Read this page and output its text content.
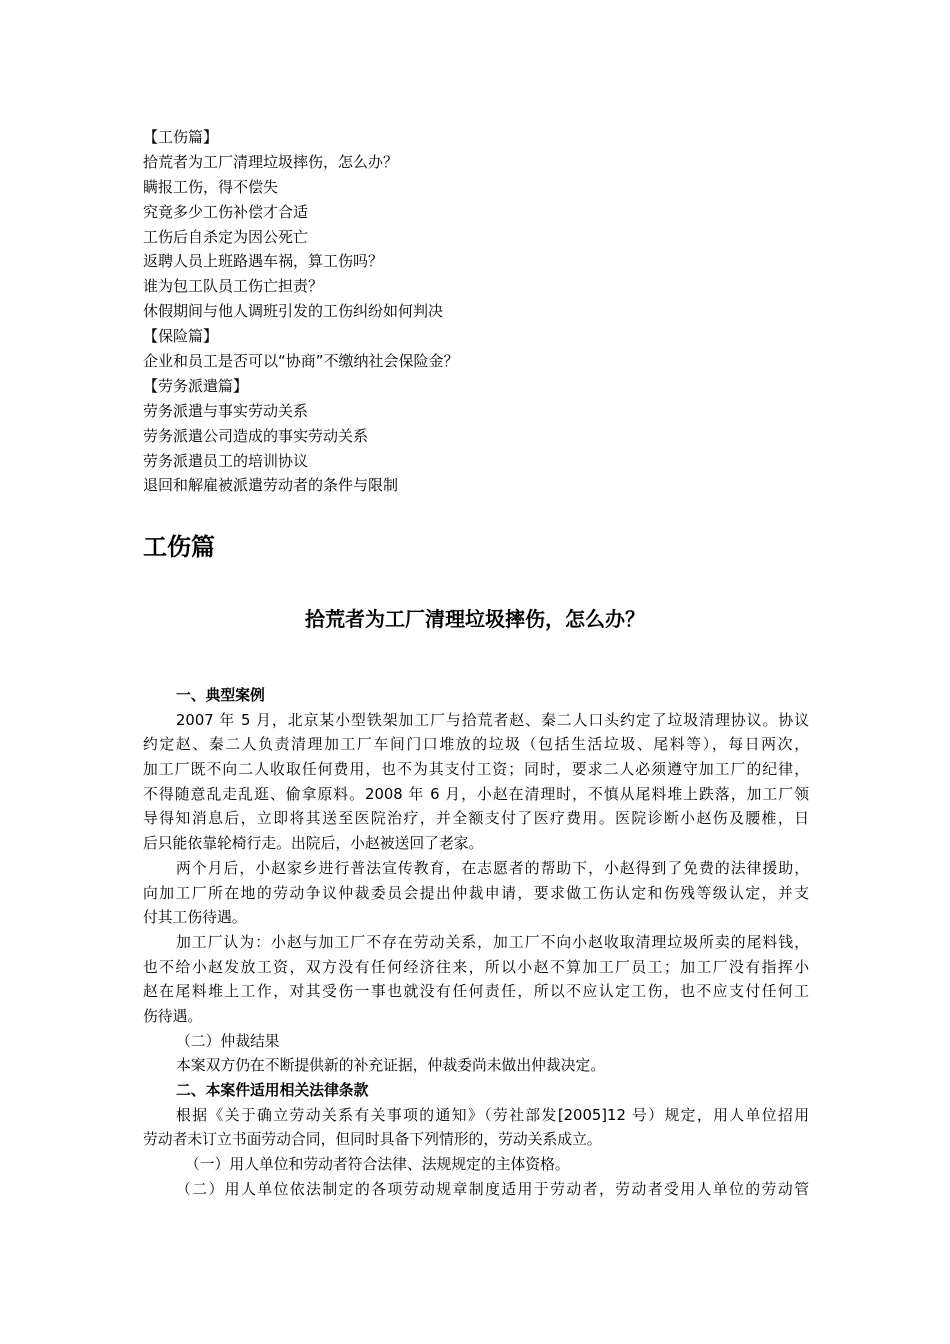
【工伤篇】
拾荒者为工厂清理垃圾摔伤，怎么办？
瞒报工伤，得不偿失
究竟多少工伤补偿才合适
工伤后自杀定为因公死亡
返聘人员上班路遇车祸，算工伤吗？
谁为包工队员工伤亡担责？
休假期间与他人调班引发的工伤纠纷如何判决
【保险篇】
企业和员工是否可以“协商”不缴纳社会保险金？
【劳务派遣篇】
劳务派遣与事实劳动关系
劳务派遣公司造成的事实劳动关系
劳务派遣员工的培训协议
退回和解雇被派遣劳动者的条件与限制
工伤篇
拾荒者为工厂清理垃圾摔伤，怎么办？
一、典型案例
2007 年 5 月，北京某小型铁架加工厂与拾荒者赵、秦二人口头约定了垃圾清理协议。协议
约定赵、秦二人负责清理加工厂车间门口堆放的垃圾（包括生活垃圾、尾料等），每日两次，
加工厂既不向二人收取任何费用，也不为其支付工资；同时，要求二人必须遵守加工厂的纪律，
不得随意乱走乱逛、偷拿原料。2008 年 6 月，小赵在清理时，不慎从尾料堆上跌落，加工厂领
导得知消息后，立即将其送至医院治疗，并全额支付了医疗费用。医院诊断小赵伤及腰椎，日
后只能依靠轮椅行走。出院后，小赵被送回了老家。
两个月后，小赵家乡进行普法宣传教育，在志愿者的帮助下，小赵得到了免费的法律援助，
向加工厂所在地的劳动争议仲裁委员会提出仲裁申请，要求做工伤认定和伤残等级认定，并支
付其工伤待遇。
加工厂认为：小赵与加工厂不存在劳动关系，加工厂不向小赵收取清理垃圾所卖的尾料钱，
也不给小赵发放工资，双方没有任何经济往来，所以小赵不算加工厂员工；加工厂没有指挥小
赵在尾料堆上工作，对其受伤一事也就没有任何责任，所以不应认定工伤，也不应支付任何工
伤待遇。
（二）仲裁结果
本案双方仍在不断提供新的补充证据，仲裁委尚未做出仲裁决定。
二、本案件适用相关法律条款
根据《关于确立劳动关系有关事项的通知》（劳社部发[2005]12 号）规定，用人单位招用
劳动者未订立书面劳动合同，但同时具备下列情形的，劳动关系成立。
（一）用人单位和劳动者符合法律、法规规定的主体资格。
（二）用人单位依法制定的各项劳动规章制度适用于劳动者，劳动者受用人单位的劳动管
